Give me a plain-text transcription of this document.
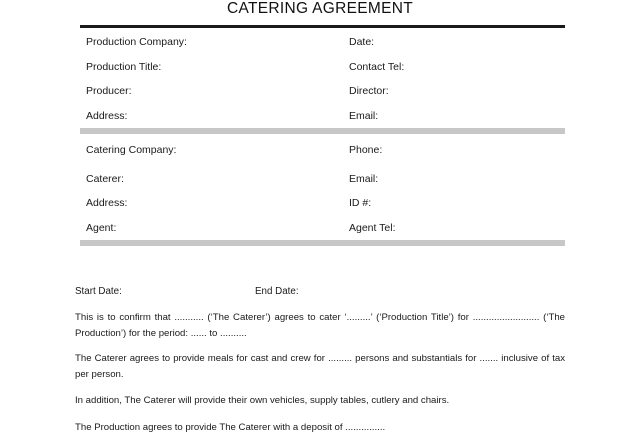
CATERING AGREEMENT
Production Company:	Date:
Production Title:	Contact Tel:
Producer:	Director:
Address:	Email:
Catering Company:	Phone:
Caterer:	Email:
Address:	ID #:
Agent:	Agent Tel:
Start Date:	End Date:
This is to confirm that ........... (‘The Caterer’) agrees to cater ‘.........’ (‘Production Title’) for ......................... (‘The Production’) for the period: ...... to ..........
The Caterer agrees to provide meals for cast and crew for ......... persons and substantials for ....... inclusive of tax per person.
In addition, The Caterer will provide their own vehicles, supply tables, cutlery and chairs.
The Production agrees to provide The Caterer with a deposit of ...............
